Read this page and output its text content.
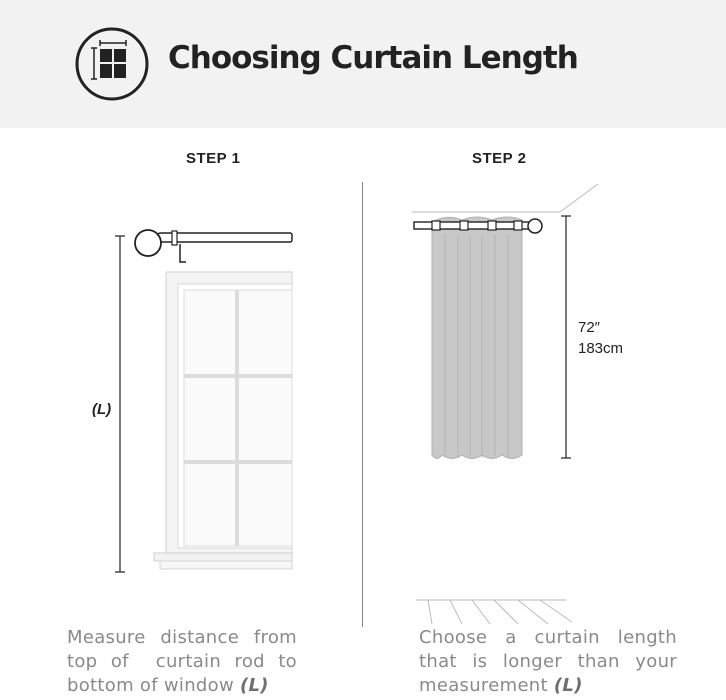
Choosing Curtain Length
STEP 1	STEP 2
(L)
72″
183cm
Measure distance from
top of  curtain rod to
bottom of window (L)
Choose a curtain length
that is longer than your
measurement (L)
